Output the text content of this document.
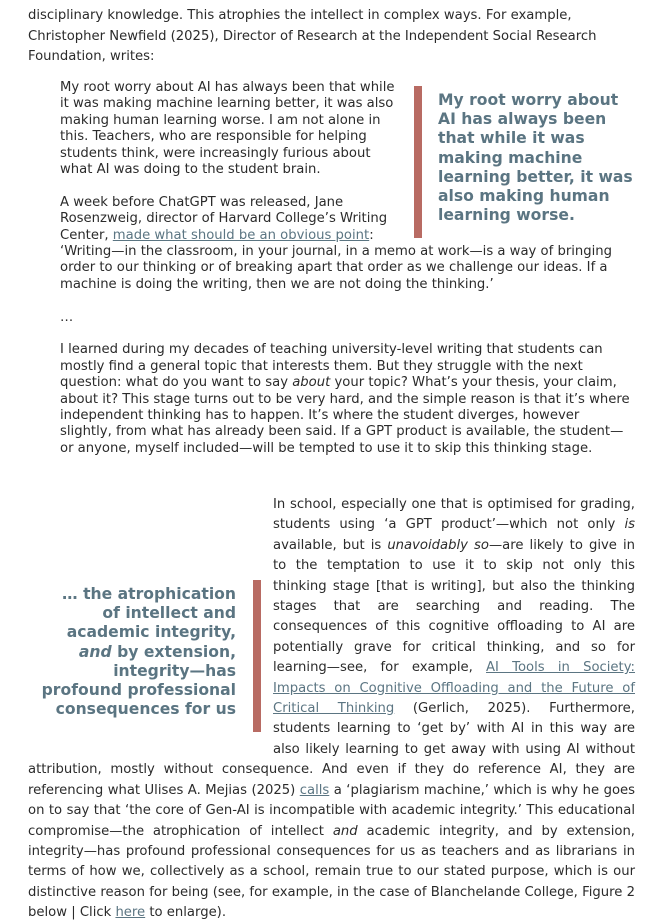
disciplinary knowledge. This atrophies the intellect in complex ways. For example, Christopher Newfield (2025), Director of Research at the Independent Social Research Foundation, writes:

My root worry about AI has always been that while it was making machine learning better, it was also making human learning worse.

My root worry about AI has always been that while it was making machine learning better, it was also making human learning worse. I am not alone in this. Teachers, who are responsible for helping students think, were increasingly furious about what AI was doing to the student brain.

A week before ChatGPT was released, Jane Rosenzweig, director of Harvard College’s Writing Center, made what should be an obvious point:

‘Writing—in the classroom, in your journal, in a memo at work—is a way of bringing order to our thinking or of breaking apart that order as we challenge our ideas. If a machine is doing the writing, then we are not doing the thinking.’

…

I learned during my decades of teaching university-level writing that students can mostly find a general topic that interests them. But they struggle with the next question: what do you want to say about your topic? What’s your thesis, your claim, about it? This stage turns out to be very hard, and the simple reason is that it’s where independent thinking has to happen. It’s where the student diverges, however slightly, from what has already been said. If a GPT product is available, the student—or anyone, myself included—will be tempted to use it to skip this thinking stage.

… the atrophication of intellect and academic integrity, and by extension, integrity—has profound professional consequences for us

In school, especially one that is optimised for grading, students using ‘a GPT product’—which not only is available, but is unavoidably so—are likely to give in to the temptation to use it to skip not only this thinking stage [that is writing], but also the thinking stages that are searching and reading. The consequences of this cognitive offloading to AI are potentially grave for critical thinking, and so for learning—see, for example, AI Tools in Society: Impacts on Cognitive Offloading and the Future of Critical Thinking (Gerlich, 2025). Furthermore, students learning to ‘get by’ with AI in this way are also likely learning to get away with using AI without attribution, mostly without consequence. And even if they do reference AI, they are referencing what Ulises A. Mejias (2025) calls a ‘plagiarism machine,’ which is why he goes on to say that ‘the core of Gen-AI is incompatible with academic integrity.’ This educational compromise—the atrophication of intellect and academic integrity, and by extension, integrity—has profound professional consequences for us as teachers and as librarians in terms of how we, collectively as a school, remain true to our stated purpose, which is our distinctive reason for being (see, for example, in the case of Blanchelande College, Figure 2 below | Click here to enlarge).
